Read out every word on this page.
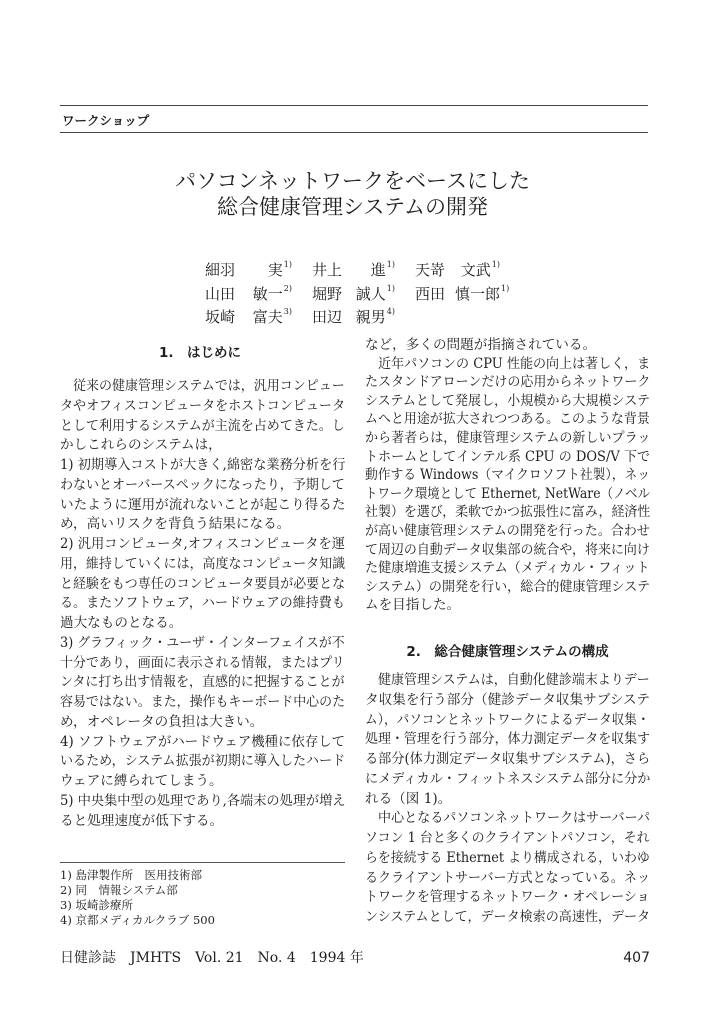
ワークショップ
パソコンネットワークをベースにした
総合健康管理システムの開発
細羽 実$^{1)}$ 井上 進$^{1)}$ 天嵜 文武$^{1)}$
山田 敏一$^{2)}$ 堀野 誠人$^{1)}$ 西田 慎一郎$^{1)}$
坂崎 富夫$^{3)}$ 田辺 親男$^{4)}$
1.　はじめに
　従来の健康管理システムでは，汎用コンピュー
タやオフィスコンピュータをホストコンピュータ
として利用するシステムが主流を占めてきた。し
かしこれらのシステムは，
1) 初期導入コストが大きく,綿密な業務分析を行
わないとオーバースペックになったり，予期して
いたように運用が流れないことが起こり得るた
め，高いリスクを背負う結果になる。
2) 汎用コンピュータ,オフィスコンピュータを運
用，維持していくには，高度なコンピュータ知識
と経験をもつ専任のコンピュータ要員が必要とな
る。またソフトウェア，ハードウェアの維持費も
過大なものとなる。
3) グラフィック・ユーザ・インターフェイスが不
十分であり，画面に表示される情報，またはプリ
ンタに打ち出す情報を，直感的に把握することが
容易ではない。また，操作もキーボード中心のた
め，オペレータの負担は大きい。
4) ソフトウェアがハードウェア機種に依存して
いるため，システム拡張が初期に導入したハード
ウェアに縛られてしまう。
5) 中央集中型の処理であり,各端末の処理が増え
ると処理速度が低下する。
1) 島津製作所　医用技術部
2) 同　情報システム部
3) 坂崎診療所
4) 京都メディカルクラブ 500
など，多くの問題が指摘されている。
　近年パソコンの CPU 性能の向上は著しく，ま
たスタンドアローンだけの応用からネットワーク
システムとして発展し，小規模から大規模システ
ムへと用途が拡大されつつある。このような背景
から著者らは，健康管理システムの新しいプラッ
トホームとしてインテル系 CPU の DOS/V 下で
動作する Windows（マイクロソフト社製），ネッ
トワーク環境として Ethernet, NetWare（ノベル
社製）を選び，柔軟でかつ拡張性に富み，経済性
が高い健康管理システムの開発を行った。合わせ
て周辺の自動データ収集部の統合や，将来に向け
た健康増進支援システム（メディカル・フィット
システム）の開発を行い，総合的健康管理システ
ムを目指した。
2.　総合健康管理システムの構成
　健康管理システムは，自動化健診端末よりデー
タ収集を行う部分（健診データ収集サブシステ
ム），パソコンとネットワークによるデータ収集・
処理・管理を行う部分，体力測定データを収集す
る部分(体力測定データ収集サブシステム)，さら
にメディカル・フィットネスシステム部分に分か
れる（図 1)。
　中心となるパソコンネットワークはサーバーパ
ソコン 1 台と多くのクライアントパソコン，それ
らを接続する Ethernet より構成される，いわゆ
るクライアントサーバー方式となっている。ネッ
トワークを管理するネットワーク・オペレーショ
ンシステムとして，データ検索の高速性，データ
日健診誌　JMHTS　Vol. 21　No. 4　1994 年	407
